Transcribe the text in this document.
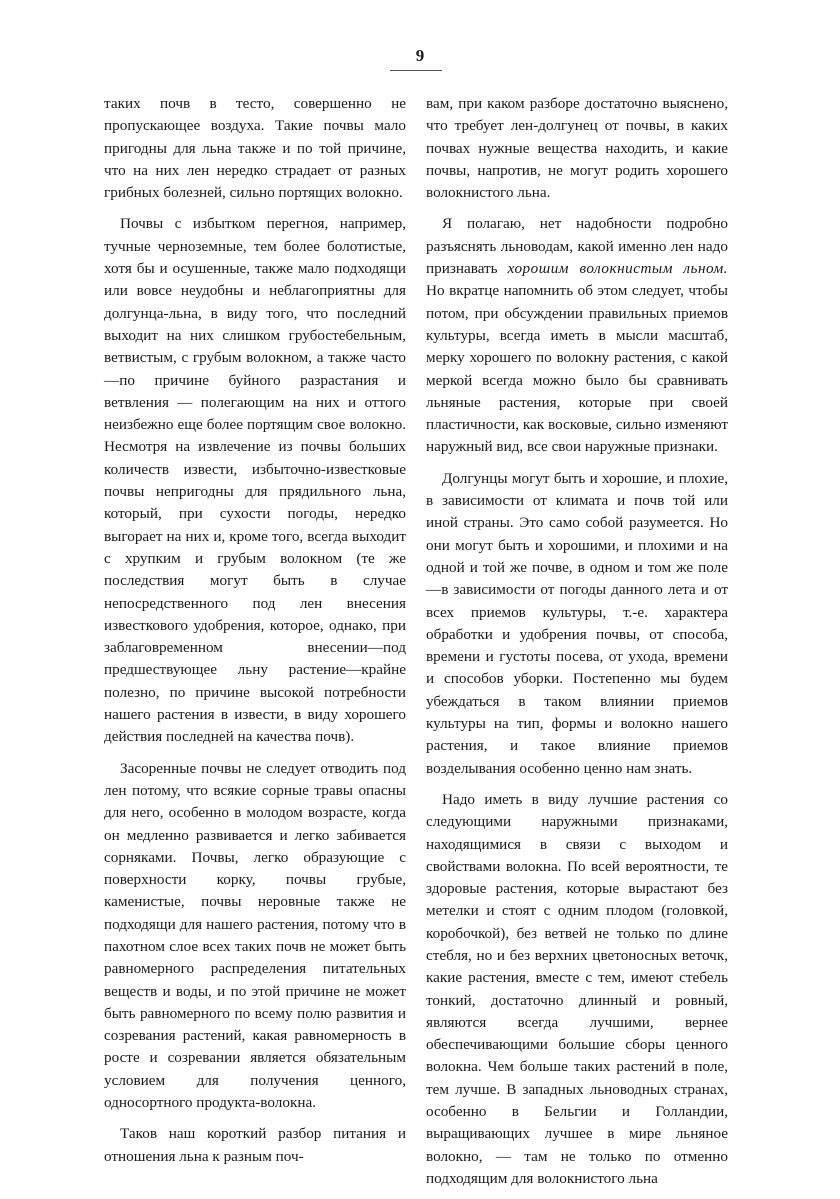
9

таких почв в тесто, совершенно не пропускающее воздуха. Такие почвы мало пригодны для льна также и по той причине, что на них лен нередко страдает от разных грибных болезней, сильно портящих волокно.

Почвы с избытком перегноя, например, тучные черноземные, тем более болотистые, хотя бы и осушенные, также мало подходящи или вовсе неудобны и неблагоприятны для долгунца-льна, в виду того, что последний выходит на них слишком грубостебельным, ветвистым, с грубым волокном, а также часто—по причине буйного разрастания и ветвления — полегающим на них и оттого неизбежно еще более портящим свое волокно. Несмотря на извлечение из почвы больших количеств извести, избыточно-известковые почвы непригодны для прядильного льна, который, при сухости погоды, нередко выгорает на них и, кроме того, всегда выходит с хрупким и грубым волокном (те же последствия могут быть в случае непосредственного под лен внесения известкового удобрения, которое, однако, при заблаговременном внесении—под предшествующее льну растение—крайне полезно, по причине высокой потребности нашего растения в извести, в виду хорошего действия последней на качества почв).

Засоренные почвы не следует отводить под лен потому, что всякие сорные травы опасны для него, особенно в молодом возрасте, когда он медленно развивается и легко забивается сорняками. Почвы, легко образующие с поверхности корку, почвы грубые, каменистые, почвы неровные также не подходящи для нашего растения, потому что в пахотном слое всех таких почв не может быть равномерного распределения питательных веществ и воды, и по этой причине не может быть равномерного по всему полю развития и созревания растений, какая равномерность в росте и созревании является обязательным условием для получения ценного, односортного продукта-волокна.

Таков наш короткий разбор питания и отношения льна к разным поч-

вам, при каком разборе достаточно выяснено, что требует лен-долгунец от почвы, в каких почвах нужные вещества находить, и какие почвы, напротив, не могут родить хорошего волокнистого льна.

Я полагаю, нет надобности подробно разъяснять льноводам, какой именно лен надо признавать хорошим волокнистым льном. Но вкратце напомнить об этом следует, чтобы потом, при обсуждении правильных приемов культуры, всегда иметь в мысли масштаб, мерку хорошего по волокну растения, с какой меркой всегда можно было бы сравнивать льняные растения, которые при своей пластичности, как восковые, сильно изменяют наружный вид, все свои наружные признаки.

Долгунцы могут быть и хорошие, и плохие, в зависимости от климата и почв той или иной страны. Это само собой разумеется. Но они могут быть и хорошими, и плохими и на одной и той же почве, в одном и том же поле—в зависимости от погоды данного лета и от всех приемов культуры, т.-е. характера обработки и удобрения почвы, от способа, времени и густоты посева, от ухода, времени и способов уборки. Постепенно мы будем убеждаться в таком влиянии приемов культуры на тип, формы и волокно нашего растения, и такое влияние приемов возделывания особенно ценно нам знать.

Надо иметь в виду лучшие растения со следующими наружными признаками, находящимися в связи с выходом и свойствами волокна. По всей вероятности, те здоровые растения, которые вырастают без метелки и стоят с одним плодом (головкой, коробочкой), без ветвей не только по длине стебля, но и без верхних цветоносных веточк, какие растения, вместе с тем, имеют стебель тонкий, достаточно длинный и ровный, являются всегда лучшими, вернее обеспечивающими большие сборы ценного волокна. Чем больше таких растений в поле, тем лучше. В западных льноводных странах, особенно в Бельгии и Голландии, выращивающих лучшее в мире льняное волокно, — там не только по отменно подходящим для волокнистого льна
